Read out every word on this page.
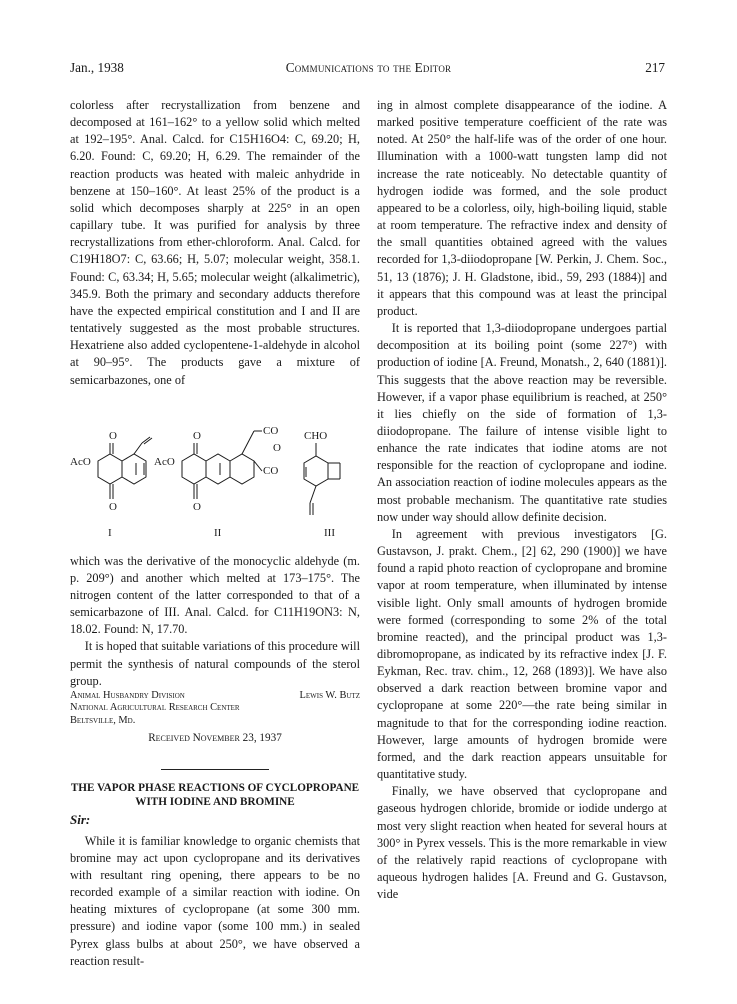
Jan., 1938	Communications to the Editor	217

colorless after recrystallization from benzene and decomposed at 161–162° to a yellow solid which melted at 192–195°. Anal. Calcd. for C15H16O4: C, 69.20; H, 6.20. Found: C, 69.20; H, 6.29. The remainder of the reaction products was heated with maleic anhydride in benzene at 150–160°. At least 25% of the product is a solid which decomposes sharply at 225° in an open capillary tube. It was purified for analysis by three recrystallizations from ether-chloroform. Anal. Calcd. for C19H18O7: C, 63.66; H, 5.07; molecular weight, 358.1. Found: C, 63.34; H, 5.65; molecular weight (alkalimetric), 345.9. Both the primary and secondary adducts therefore have the expected empirical constitution and I and II are tentatively suggested as the most probable structures. Hexatriene also added cyclopentene-1-aldehyde in alcohol at 90–95°. The products gave a mixture of semicarbazones, one of

O
AcO
O
I
O
AcO
O
CO
O
CO
II
CHO
III

which was the derivative of the monocyclic aldehyde (m. p. 209°) and another which melted at 173–175°. The nitrogen content of the latter corresponded to that of a semicarbazone of III. Anal. Calcd. for C11H19ON3: N, 18.02. Found: N, 17.70.

It is hoped that suitable variations of this procedure will permit the synthesis of natural compounds of the sterol group.

Animal Husbandry Division	Lewis W. Butz
National Agricultural Research Center
Beltsville, Md.
Received November 23, 1937
THE VAPOR PHASE REACTIONS OF CYCLOPROPANE WITH IODINE AND BROMINE
Sir:

While it is familiar knowledge to organic chemists that bromine may act upon cyclopropane and its derivatives with resultant ring opening, there appears to be no recorded example of a similar reaction with iodine. On heating mixtures of cyclopropane (at some 300 mm. pressure) and iodine vapor (some 100 mm.) in sealed Pyrex glass bulbs at about 250°, we have observed a reaction result-

ing in almost complete disappearance of the iodine. A marked positive temperature coefficient of the rate was noted. At 250° the half-life was of the order of one hour. Illumination with a 1000-watt tungsten lamp did not increase the rate noticeably. No detectable quantity of hydrogen iodide was formed, and the sole product appeared to be a colorless, oily, high-boiling liquid, stable at room temperature. The refractive index and density of the small quantities obtained agreed with the values recorded for 1,3-diiodopropane [W. Perkin, J. Chem. Soc., 51, 13 (1876); J. H. Gladstone, ibid., 59, 293 (1884)] and it appears that this compound was at least the principal product.

It is reported that 1,3-diiodopropane undergoes partial decomposition at its boiling point (some 227°) with production of iodine [A. Freund, Monatsh., 2, 640 (1881)]. This suggests that the above reaction may be reversible. However, if a vapor phase equilibrium is reached, at 250° it lies chiefly on the side of formation of 1,3-diiodopropane. The failure of intense visible light to enhance the rate indicates that iodine atoms are not responsible for the reaction of cyclopropane and iodine. An association reaction of iodine molecules appears as the most probable mechanism. The quantitative rate studies now under way should allow definite decision.

In agreement with previous investigators [G. Gustavson, J. prakt. Chem., [2] 62, 290 (1900)] we have found a rapid photo reaction of cyclopropane and bromine vapor at room temperature, when illuminated by intense visible light. Only small amounts of hydrogen bromide were formed (corresponding to some 2% of the total bromine reacted), and the principal product was 1,3-dibromopropane, as indicated by its refractive index [J. F. Eykman, Rec. trav. chim., 12, 268 (1893)]. We have also observed a dark reaction between bromine vapor and cyclopropane at some 220°—the rate being similar in magnitude to that for the corresponding iodine reaction. However, large amounts of hydrogen bromide were formed, and the dark reaction appears unsuitable for quantitative study.

Finally, we have observed that cyclopropane and gaseous hydrogen chloride, bromide or iodide undergo at most very slight reaction when heated for several hours at 300° in Pyrex vessels. This is the more remarkable in view of the relatively rapid reactions of cyclopropane with aqueous hydrogen halides [A. Freund and G. Gustavson, vide
